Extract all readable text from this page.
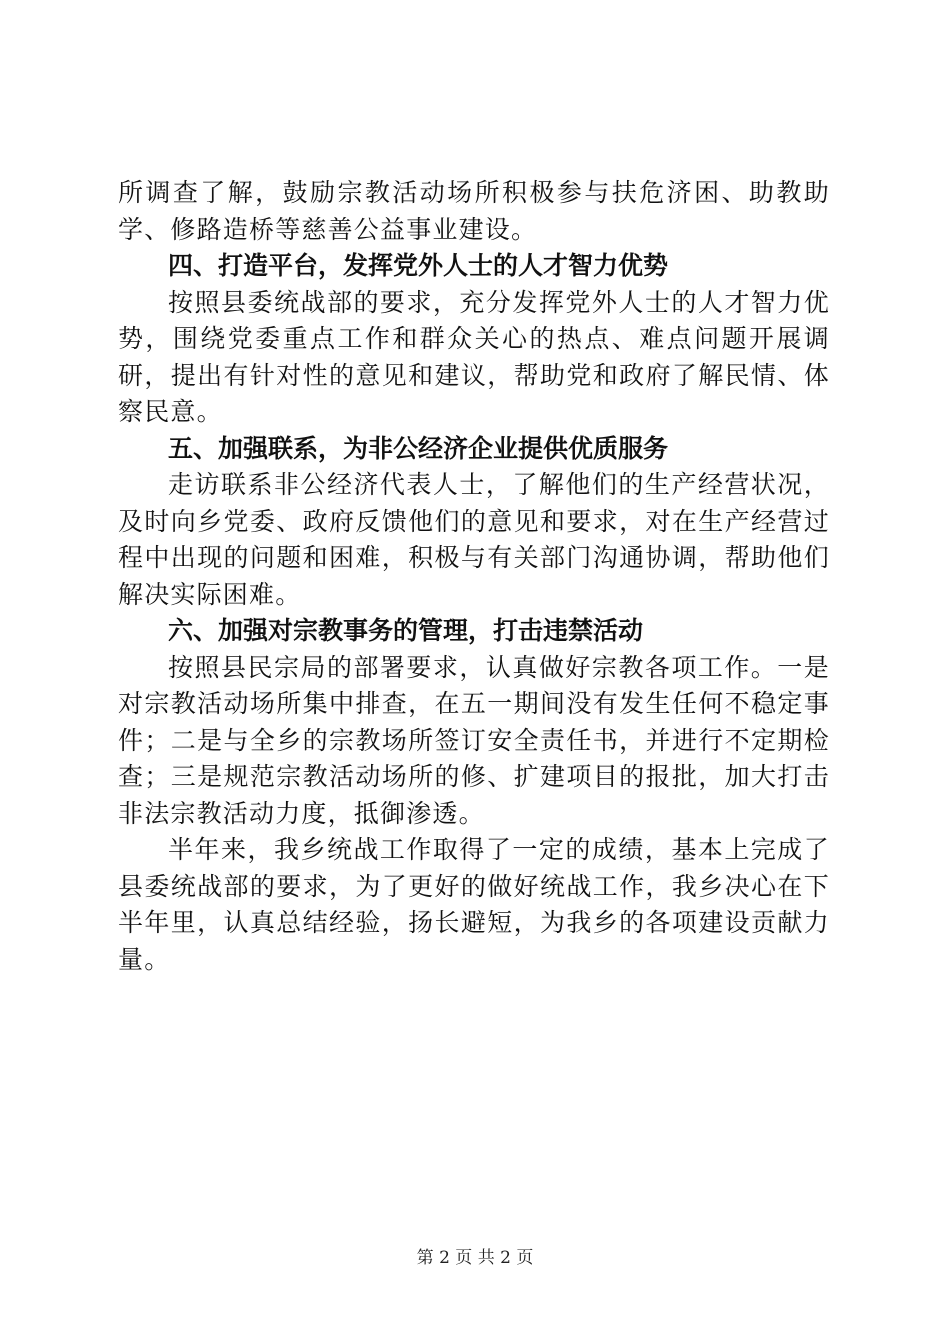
所调查了解，鼓励宗教活动场所积极参与扶危济困、助教助学、修路造桥等慈善公益事业建设。

四、打造平台，发挥党外人士的人才智力优势

按照县委统战部的要求，充分发挥党外人士的人才智力优势，围绕党委重点工作和群众关心的热点、难点问题开展调研，提出有针对性的意见和建议，帮助党和政府了解民情、体察民意。

五、加强联系，为非公经济企业提供优质服务

走访联系非公经济代表人士，了解他们的生产经营状况，及时向乡党委、政府反馈他们的意见和要求，对在生产经营过程中出现的问题和困难，积极与有关部门沟通协调，帮助他们解决实际困难。

六、加强对宗教事务的管理，打击违禁活动

按照县民宗局的部署要求，认真做好宗教各项工作。一是对宗教活动场所集中排查，在五一期间没有发生任何不稳定事件；二是与全乡的宗教场所签订安全责任书，并进行不定期检查；三是规范宗教活动场所的修、扩建项目的报批，加大打击非法宗教活动力度，抵御渗透。

半年来，我乡统战工作取得了一定的成绩，基本上完成了县委统战部的要求，为了更好的做好统战工作，我乡决心在下半年里，认真总结经验，扬长避短，为我乡的各项建设贡献力量。

第 2 页 共 2 页
